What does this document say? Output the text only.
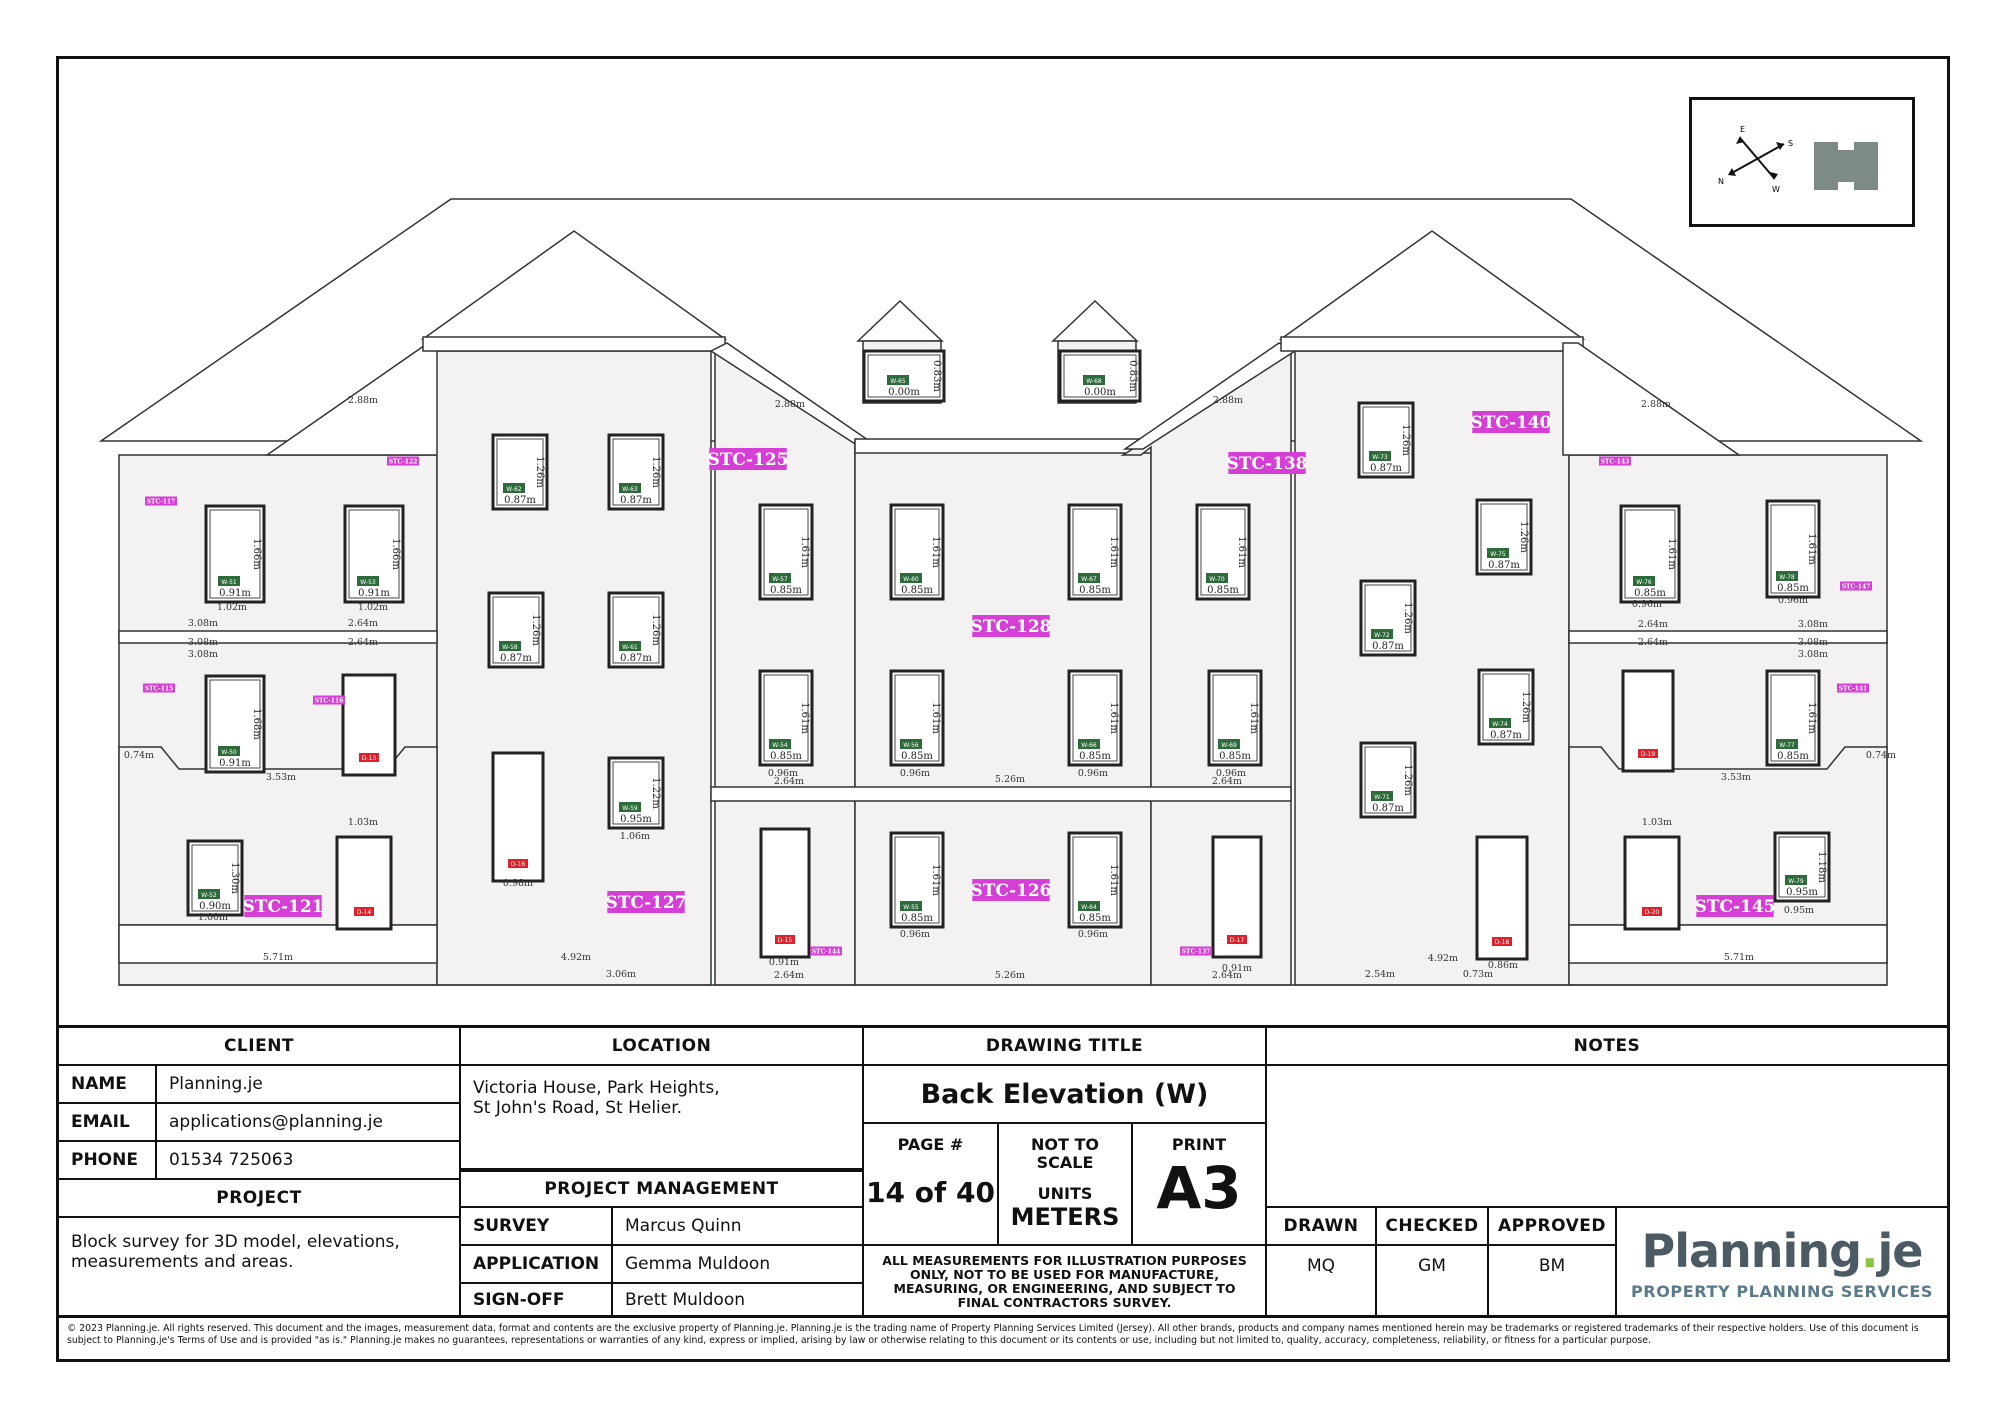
W-51
1.66m
0.91m
W-53
1.66m
0.91m
W-62
1.26m
0.87m
W-63
1.26m
0.87m
W-57
1.61m
0.85m
W-60
1.61m
0.85m
W-67
1.61m
0.85m
W-70
1.61m
0.85m
W-73
1.26m
0.87m
W-75
1.26m
0.87m
W-76
1.61m
0.85m
W-78
1.61m
0.85m
W-58
1.26m
0.87m
W-61
1.26m
0.87m
W-72
1.26m
0.87m
W-74
1.26m
0.87m
W-50
1.68m
0.91m
W-54
1.61m
0.85m
W-56
1.61m
0.85m
W-66
1.61m
0.85m
W-69
1.61m
0.85m
W-77
1.61m
0.85m
W-59 1.22m
0.95m
W-71
1.26m
0.87m
W-52
1.30m
0.90m	W-55
1.61m
0.85m
W-64
1.61m
0.85m
W-79 1.18m
0.95m
W-65	0.83m
0.00m
W-68	0.83m
0.00m
D-13
D-14
D-16
D-15	D-17	D-18
D-19
D-20
1.02m	1.02m
3.08m	2.64m
3.08m	2.64m
3.08m
0.74m
3.53m
1.03m
1.00m
5.71m	4.92m
3.06m
0.96m
2.64m
0.96m
5.26m
0.96m	0.96m
2.64m
1.06m
0.98m
0.96m	0.96m
0.91m
2.64m	5.26m
0.91m
2.64m
4.92m
0.86m
2.54m	0.73m
0.96m	0.96m
2.64m	3.08m
2.64m	3.08m
3.08m
3.53m
0.74m
1.03m
0.95m
5.71m
2.88m	2.88m	2.88m	2.88m
STC-125	STC-138
STC-140
STC-128
STC-127
STC-126
STC-121	STC-145
STC-122
STC-117
STC-143
STC-147
STC-115
STC-116
STC-141
STC-144	STC-137
E
S
N
W
CLIENT
NAME	Planning.je
EMAIL	applications@planning.je
PHONE	01534 725063
PROJECT
Block survey for 3D model, elevations, measurements and areas.
LOCATION
Victoria House, Park Heights,
St John's Road, St Helier.
PROJECT MANAGEMENT
SURVEY	Marcus Quinn
APPLICATION	Gemma Muldoon
SIGN-OFF	Brett Muldoon
DRAWING TITLE
Back Elevation (W)
PAGE #
14 of 40
NOT TO
SCALE
UNITS
METERS
PRINT
A3
ALL MEASUREMENTS FOR ILLUSTRATION PURPOSES ONLY, NOT TO BE USED FOR MANUFACTURE, MEASURING, OR ENGINEERING, AND SUBJECT TO FINAL CONTRACTORS SURVEY.
NOTES
DRAWN	CHECKED	APPROVED
MQ	GM	BM	Planning.je
PROPERTY PLANNING SERVICES
© 2023 Planning.je. All rights reserved. This document and the images, measurement data, format and contents are the exclusive property of Planning.je. Planning.je is the trading name of Property Planning Services Limited (Jersey). All other brands, products and company names mentioned herein may be trademarks or registered trademarks of their respective holders. Use of this document is subject to Planning.je's Terms of Use and is provided "as is." Planning.je makes no guarantees, representations or warranties of any kind, express or implied, arising by law or otherwise relating to this document or its contents or use, including but not limited to, quality, accuracy, completeness, reliability, or fitness for a particular purpose.
